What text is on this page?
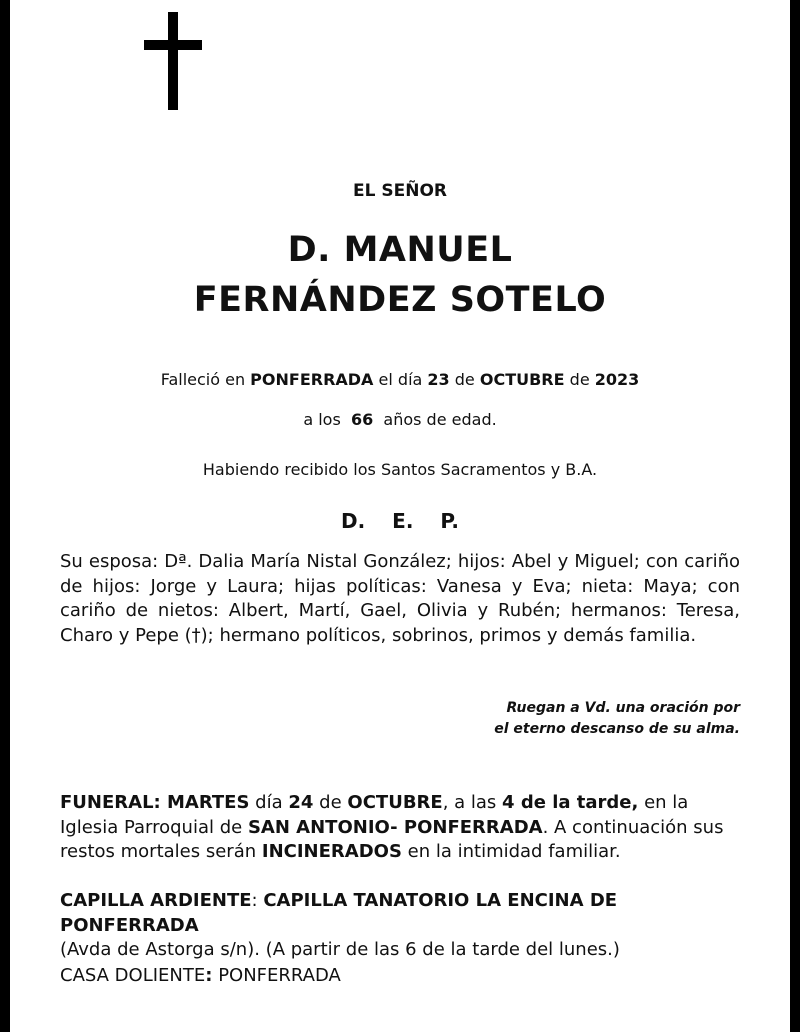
EL SEÑOR
D. MANUEL
FERNÁNDEZ SOTELO
Falleció en PONFERRADA el día 23 de OCTUBRE de 2023
a los 66 años de edad.
Habiendo recibido los Santos Sacramentos y B.A.
D. E. P.
Su esposa: Dª. Dalia María Nistal González; hijos: Abel y Miguel; con cariño de hijos: Jorge y Laura; hijas políticas: Vanesa y Eva; nieta: Maya; con cariño de nietos: Albert, Martí, Gael, Olivia y Rubén; hermanos: Teresa, Charo y Pepe (†); hermano políticos, sobrinos, primos y demás familia.
Ruegan a Vd. una oración por
el eterno descanso de su alma.
FUNERAL: MARTES día 24 de OCTUBRE, a las 4 de la tarde, en la Iglesia Parroquial de SAN ANTONIO- PONFERRADA. A continuación sus restos mortales serán INCINERADOS en la intimidad familiar.
CAPILLA ARDIENTE: CAPILLA TANATORIO LA ENCINA DE PONFERRADA
(Avda de Astorga s/n). (A partir de las 6 de la tarde del lunes.)
CASA DOLIENTE: PONFERRADA
